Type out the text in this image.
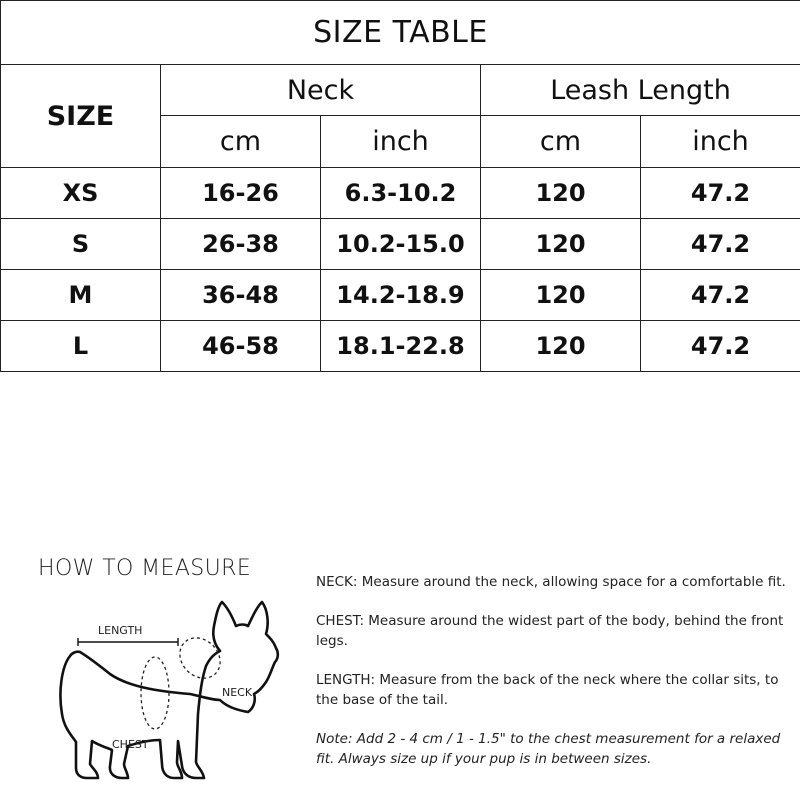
SIZE TABLE				
SIZE	Neck		Leash Length	
	cm	inch	cm	inch
XS	16-26	6.3-10.2	120	47.2
S	26-38	10.2-15.0	120	47.2
M	36-48	14.2-18.9	120	47.2
L	46-58	18.1-22.8	120	47.2
HOW TO MEASURE
LENGTH
NECK
CHEST

NECK: Measure around the neck, allowing space for a comfortable fit.

CHEST: Measure around the widest part of the body, behind the front legs.

LENGTH: Measure from the back of the neck where the collar sits, to the base of the tail.

Note: Add 2 - 4 cm / 1 - 1.5" to the chest measurement for a relaxed fit. Always size up if your pup is in between sizes.
